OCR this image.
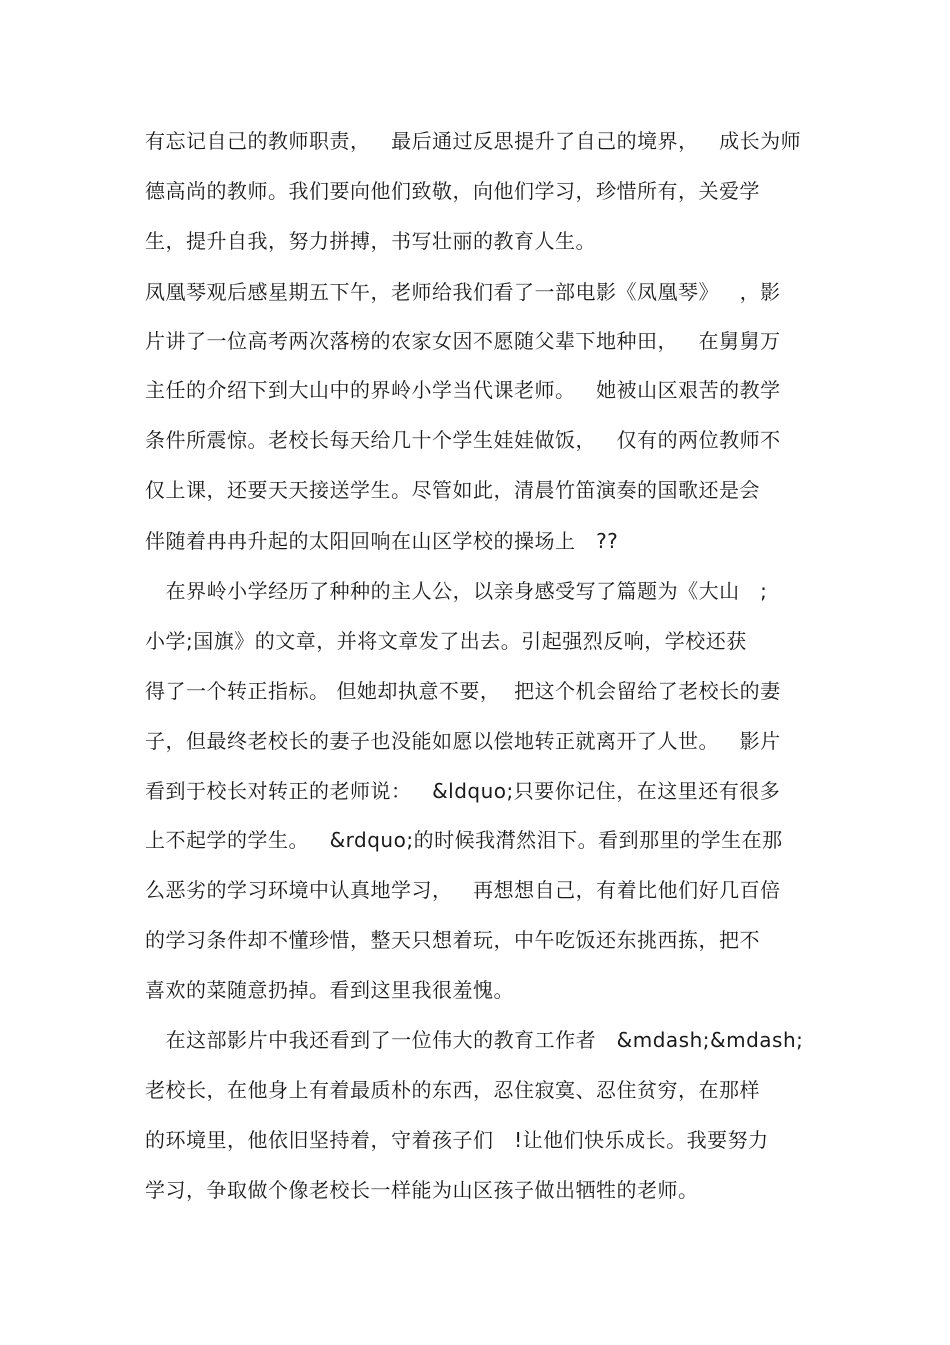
有忘记自己的教师职责，   最后通过反思提升了自己的境界，   成长为师
德高尚的教师。我们要向他们致敬，向他们学习，珍惜所有，关爱学
生，提升自我，努力拼搏，书写壮丽的教育人生。
凤凰琴观后感星期五下午，老师给我们看了一部电影《凤凰琴》   ，影
片讲了一位高考两次落榜的农家女因不愿随父辈下地种田，   在舅舅万
主任的介绍下到大山中的界岭小学当代课老师。   她被山区艰苦的教学
条件所震惊。老校长每天给几十个学生娃娃做饭，   仅有的两位教师不
仅上课，还要天天接送学生。尽管如此，清晨竹笛演奏的国歌还是会
伴随着冉冉升起的太阳回响在山区学校的操场上   ??
在界岭小学经历了种种的主人公，以亲身感受写了篇题为《大山   ;
小学;国旗》的文章，并将文章发了出去。引起强烈反响，学校还获
得了一个转正指标。 但她却执意不要，  把这个机会留给了老校长的妻
子，但最终老校长的妻子也没能如愿以偿地转正就离开了人世。   影片
看到于校长对转正的老师说：   &ldquo;只要你记住，在这里还有很多
上不起学的学生。   &rdquo;的时候我潸然泪下。看到那里的学生在那
么恶劣的学习环境中认真地学习，   再想想自己，有着比他们好几百倍
的学习条件却不懂珍惜，整天只想着玩，中午吃饭还东挑西拣，把不
喜欢的菜随意扔掉。看到这里我很羞愧。
在这部影片中我还看到了一位伟大的教育工作者   &mdash;&mdash;
老校长，在他身上有着最质朴的东西，忍住寂寞、忍住贫穷，在那样
的环境里，他依旧坚持着，守着孩子们   !让他们快乐成长。我要努力
学习，争取做个像老校长一样能为山区孩子做出牺牲的老师。
